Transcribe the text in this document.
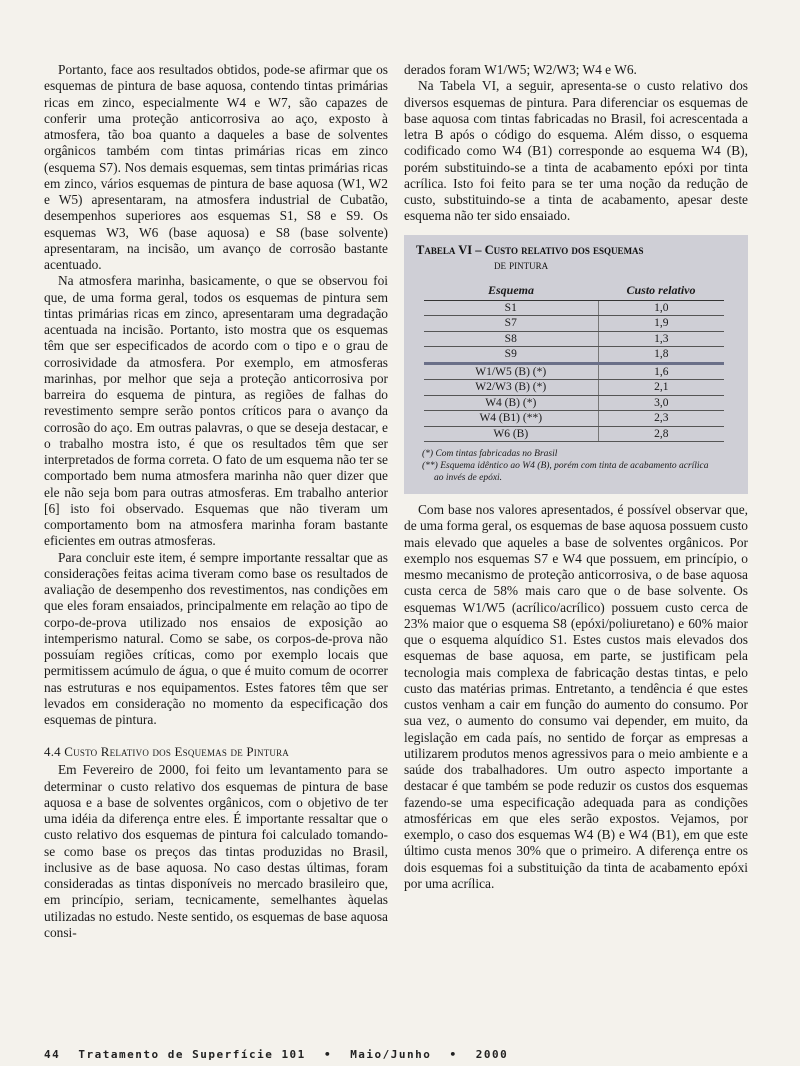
Portanto, face aos resultados obtidos, pode-se afirmar que os esquemas de pintura de base aquosa, contendo tintas primárias ricas em zinco, especialmente W4 e W7, são capazes de conferir uma proteção anticorrosiva ao aço, exposto à atmosfera, tão boa quanto a daqueles a base de solventes orgânicos também com tintas primárias ricas em zinco (esquema S7). Nos demais esquemas, sem tintas primárias ricas em zinco, vários esquemas de pintura de base aquosa (W1, W2 e W5) apresentaram, na atmosfera industrial de Cubatão, desempenhos superiores aos esquemas S1, S8 e S9. Os esquemas W3, W6 (base aquosa) e S8 (base solvente) apresentaram, na incisão, um avanço de corrosão bastante acentuado.

Na atmosfera marinha, basicamente, o que se observou foi que, de uma forma geral, todos os esquemas de pintura sem tintas primárias ricas em zinco, apresentaram uma degradação acentuada na incisão. Portanto, isto mostra que os esquemas têm que ser especificados de acordo com o tipo e o grau de corrosividade da atmosfera. Por exemplo, em atmosferas marinhas, por melhor que seja a proteção anticorrosiva por barreira do esquema de pintura, as regiões de falhas do revestimento sempre serão pontos críticos para o avanço da corrosão do aço. Em outras palavras, o que se deseja destacar, e o trabalho mostra isto, é que os resultados têm que ser interpretados de forma correta. O fato de um esquema não ter se comportado bem numa atmosfera marinha não quer dizer que ele não seja bom para outras atmosferas. Em trabalho anterior [6] isto foi observado. Esquemas que não tiveram um comportamento bom na atmosfera marinha foram bastante eficientes em outras atmosferas.

Para concluir este item, é sempre importante ressaltar que as considerações feitas acima tiveram como base os resultados de avaliação de desempenho dos revestimentos, nas condições em que eles foram ensaiados, principalmente em relação ao tipo de corpo-de-prova utilizado nos ensaios de exposição ao intemperismo natural. Como se sabe, os corpos-de-prova não possuíam regiões críticas, como por exemplo locais que permitissem acúmulo de água, o que é muito comum de ocorrer nas estruturas e nos equipamentos. Estes fatores têm que ser levados em consideração no momento da especificação dos esquemas de pintura.

4.4 Custo Relativo dos Esquemas de Pintura

Em Fevereiro de 2000, foi feito um levantamento para se determinar o custo relativo dos esquemas de pintura de base aquosa e a base de solventes orgânicos, com o objetivo de ter uma idéia da diferença entre eles. É importante ressaltar que o custo relativo dos esquemas de pintura foi calculado tomando-se como base os preços das tintas produzidas no Brasil, inclusive as de base aquosa. No caso destas últimas, foram consideradas as tintas disponíveis no mercado brasileiro que, em princípio, seriam, tecnicamente, semelhantes àquelas utilizadas no estudo. Neste sentido, os esquemas de base aquosa consi-

derados foram W1/W5; W2/W3; W4 e W6.

Na Tabela VI, a seguir, apresenta-se o custo relativo dos diversos esquemas de pintura. Para diferenciar os esquemas de base aquosa com tintas fabricadas no Brasil, foi acrescentada a letra B após o código do esquema. Além disso, o esquema codificado como W4 (B1) corresponde ao esquema W4 (B), porém substituindo-se a tinta de acabamento epóxi por tinta acrílica. Isto foi feito para se ter uma noção da redução de custo, substituindo-se a tinta de acabamento, apesar deste esquema não ter sido ensaiado.

Tabela VI – Custo relativo dos esquemas
de pintura
Esquema	Custo relativo
S1	1,0
S7	1,9
S8	1,3
S9	1,8
W1/W5 (B) (*)	1,6
W2/W3 (B) (*)	2,1
W4 (B) (*)	3,0
W4 (B1) (**)	2,3
W6 (B)	2,8
(*) Com tintas fabricadas no Brasil
(**) Esquema idêntico ao W4 (B), porém com tinta de acabamento acrílica
ao invés de epóxi.

Com base nos valores apresentados, é possível observar que, de uma forma geral, os esquemas de base aquosa possuem custo mais elevado que aqueles a base de solventes orgânicos. Por exemplo nos esquemas S7 e W4 que possuem, em princípio, o mesmo mecanismo de proteção anticorrosiva, o de base aquosa custa cerca de 58% mais caro que o de base solvente. Os esquemas W1/W5 (acrílico/acrílico) possuem custo cerca de 23% maior que o esquema S8 (epóxi/poliuretano) e 60% maior que o esquema alquídico S1. Estes custos mais elevados dos esquemas de base aquosa, em parte, se justificam pela tecnologia mais complexa de fabricação destas tintas, e pelo custo das matérias primas. Entretanto, a tendência é que estes custos venham a cair em função do aumento do consumo. Por sua vez, o aumento do consumo vai depender, em muito, da legislação em cada país, no sentido de forçar as empresas a utilizarem produtos menos agressivos para o meio ambiente e a saúde dos trabalhadores. Um outro aspecto importante a destacar é que também se pode reduzir os custos dos esquemas fazendo-se uma especificação adequada para as condições atmosféricas em que eles serão expostos. Vejamos, por exemplo, o caso dos esquemas W4 (B) e W4 (B1), em que este último custa menos 30% que o primeiro. A diferença entre os dois esquemas foi a substituição da tinta de acabamento epóxi por uma acrílica.

44 Tratamento de Superfície 101 • Maio/Junho • 2000
